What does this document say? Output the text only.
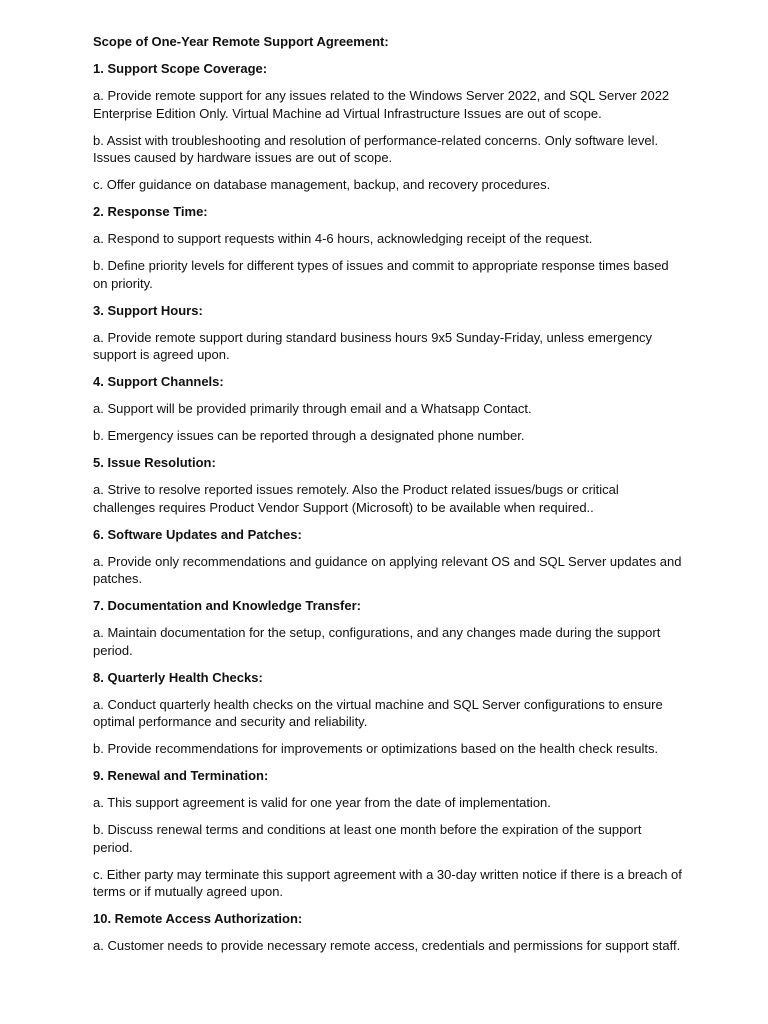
Scope of One-Year Remote Support Agreement:
1. Support Scope Coverage:
a. Provide remote support for any issues related to the Windows Server 2022, and SQL Server 2022 Enterprise Edition Only. Virtual Machine ad Virtual Infrastructure Issues are out of scope.
b. Assist with troubleshooting and resolution of performance-related concerns. Only software level. Issues caused by hardware issues are out of scope.
c. Offer guidance on database management, backup, and recovery procedures.
2. Response Time:
a. Respond to support requests within 4-6 hours, acknowledging receipt of the request.
b. Define priority levels for different types of issues and commit to appropriate response times based on priority.
3. Support Hours:
a. Provide remote support during standard business hours 9x5 Sunday-Friday, unless emergency support is agreed upon.
4. Support Channels:
a. Support will be provided primarily through email and a Whatsapp Contact.
b. Emergency issues can be reported through a designated phone number.
5. Issue Resolution:
a. Strive to resolve reported issues remotely. Also the Product related issues/bugs or critical challenges requires Product Vendor Support (Microsoft) to be available when required..
6. Software Updates and Patches:
a. Provide only recommendations and guidance on applying relevant OS and SQL Server updates and patches.
7. Documentation and Knowledge Transfer:
a. Maintain documentation for the setup, configurations, and any changes made during the support period.
8. Quarterly Health Checks:
a. Conduct quarterly health checks on the virtual machine and SQL Server configurations to ensure optimal performance and security and reliability.
b. Provide recommendations for improvements or optimizations based on the health check results.
9. Renewal and Termination:
a. This support agreement is valid for one year from the date of implementation.
b. Discuss renewal terms and conditions at least one month before the expiration of the support period.
c. Either party may terminate this support agreement with a 30-day written notice if there is a breach of terms or if mutually agreed upon.
10. Remote Access Authorization:
a. Customer needs to provide necessary remote access, credentials and permissions for support staff.
